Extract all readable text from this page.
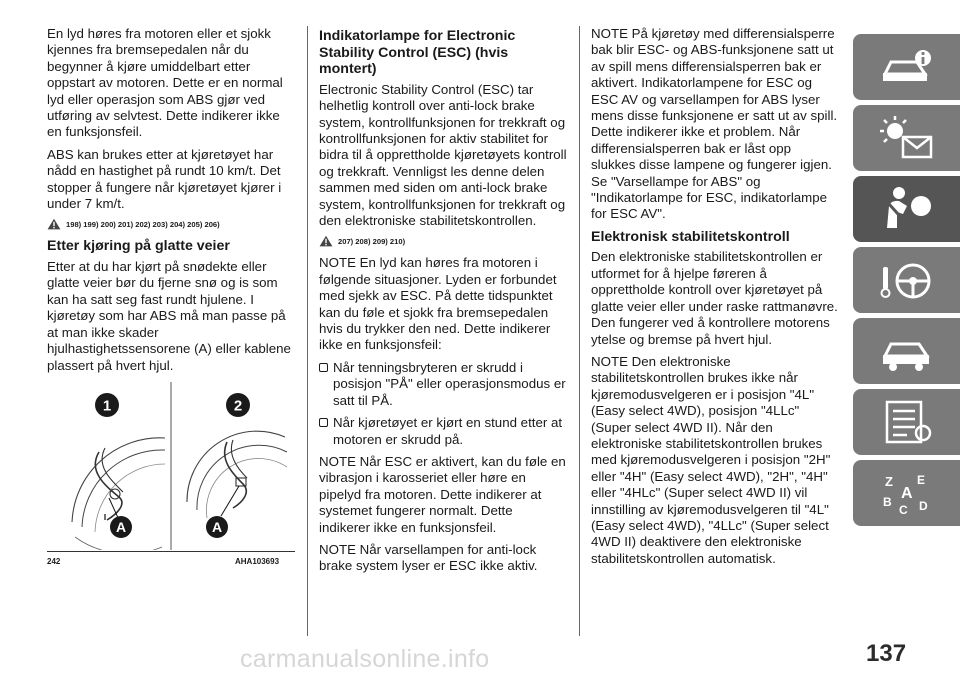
En lyd høres fra motoren eller et sjokk kjennes fra bremsepedalen når du begynner å kjøre umiddelbart etter oppstart av motoren. Dette er en normal lyd eller operasjon som ABS gjør ved utføring av selvtest. Dette indikerer ikke en funksjonsfeil.

ABS kan brukes etter at kjøretøyet har nådd en hastighet på rundt 10 km/t. Det stopper å fungere når kjøretøyet kjører i under 7 km/t.

198) 199) 200) 201) 202) 203) 204) 205) 206)
Etter kjøring på glatte veier

Etter at du har kjørt på snødekte eller glatte veier bør du fjerne snø og is som kan ha satt seg fast rundt hjulene. I kjøretøy som har ABS må man passe på at man ikke skader hjulhastighetssensorene (A) eller kablene plassert på hvert hjul.

1	2
A	A
242	AHA103693
Indikatorlampe for Electronic Stability Control (ESC) (hvis montert)

Electronic Stability Control (ESC) tar helhetlig kontroll over anti-lock brake system, kontrollfunksjonen for trekkraft og kontrollfunksjonen for aktiv stabilitet for bidra til å opprettholde kjøretøyets kontroll og trekkraft. Vennligst les denne delen sammen med siden om anti-lock brake system, kontrollfunksjonen for trekkraft og den elektroniske stabilitetskontrollen.

207) 208) 209) 210)

NOTE En lyd kan høres fra motoren i følgende situasjoner. Lyden er forbundet med sjekk av ESC. På dette tidspunktet kan du føle et sjokk fra bremsepedalen hvis du trykker den ned. Dette indikerer ikke en funksjonsfeil:

Når tenningsbryteren er skrudd i posisjon "PÅ" eller operasjonsmodus er satt til PÅ.

Når kjøretøyet er kjørt en stund etter at motoren er skrudd på.

NOTE Når ESC er aktivert, kan du føle en vibrasjon i karosseriet eller høre en pipelyd fra motoren. Dette indikerer at systemet fungerer normalt. Dette indikerer ikke en funksjonsfeil.

NOTE Når varsellampen for anti-lock brake system lyser er ESC ikke aktiv.

NOTE På kjøretøy med differensialsperre bak blir ESC- og ABS-funksjonene satt ut av spill mens differensialsperren bak er aktivert. Indikatorlampene for ESC og ESC AV og varsellampen for ABS lyser mens disse funksjonene er satt ut av spill. Dette indikerer ikke et problem. Når differensialsperren bak er låst opp slukkes disse lampene og fungerer igjen. Se "Varsellampe for ABS" og "Indikatorlampe for ESC, indikatorlampe for ESC AV".

Elektronisk stabilitetskontroll

Den elektroniske stabilitetskontrollen er utformet for å hjelpe føreren å opprettholde kontroll over kjøretøyet på glatte veier eller under raske rattmanøvre. Den fungerer ved å kontrollere motorens ytelse og bremse på hvert hjul.

NOTE Den elektroniske stabilitetskontrollen brukes ikke når kjøremodusvelgeren er i posisjon "4L" (Easy select 4WD), posisjon "4LLc" (Super select 4WD II). Når den elektroniske stabilitetskontrollen brukes med kjøremodusvelgeren i posisjon "2H" eller "4H" (Easy select 4WD), "2H", "4H" eller "4HLc" (Super select 4WD II) vil innstilling av kjøremodusvelgeren til "4L" (Easy select 4WD), "4LLc" (Super select 4WD II) deaktivere den elektroniske stabilitetskontrollen automatisk.

Z E
A
B
C D
137
carmanualsonline.info
